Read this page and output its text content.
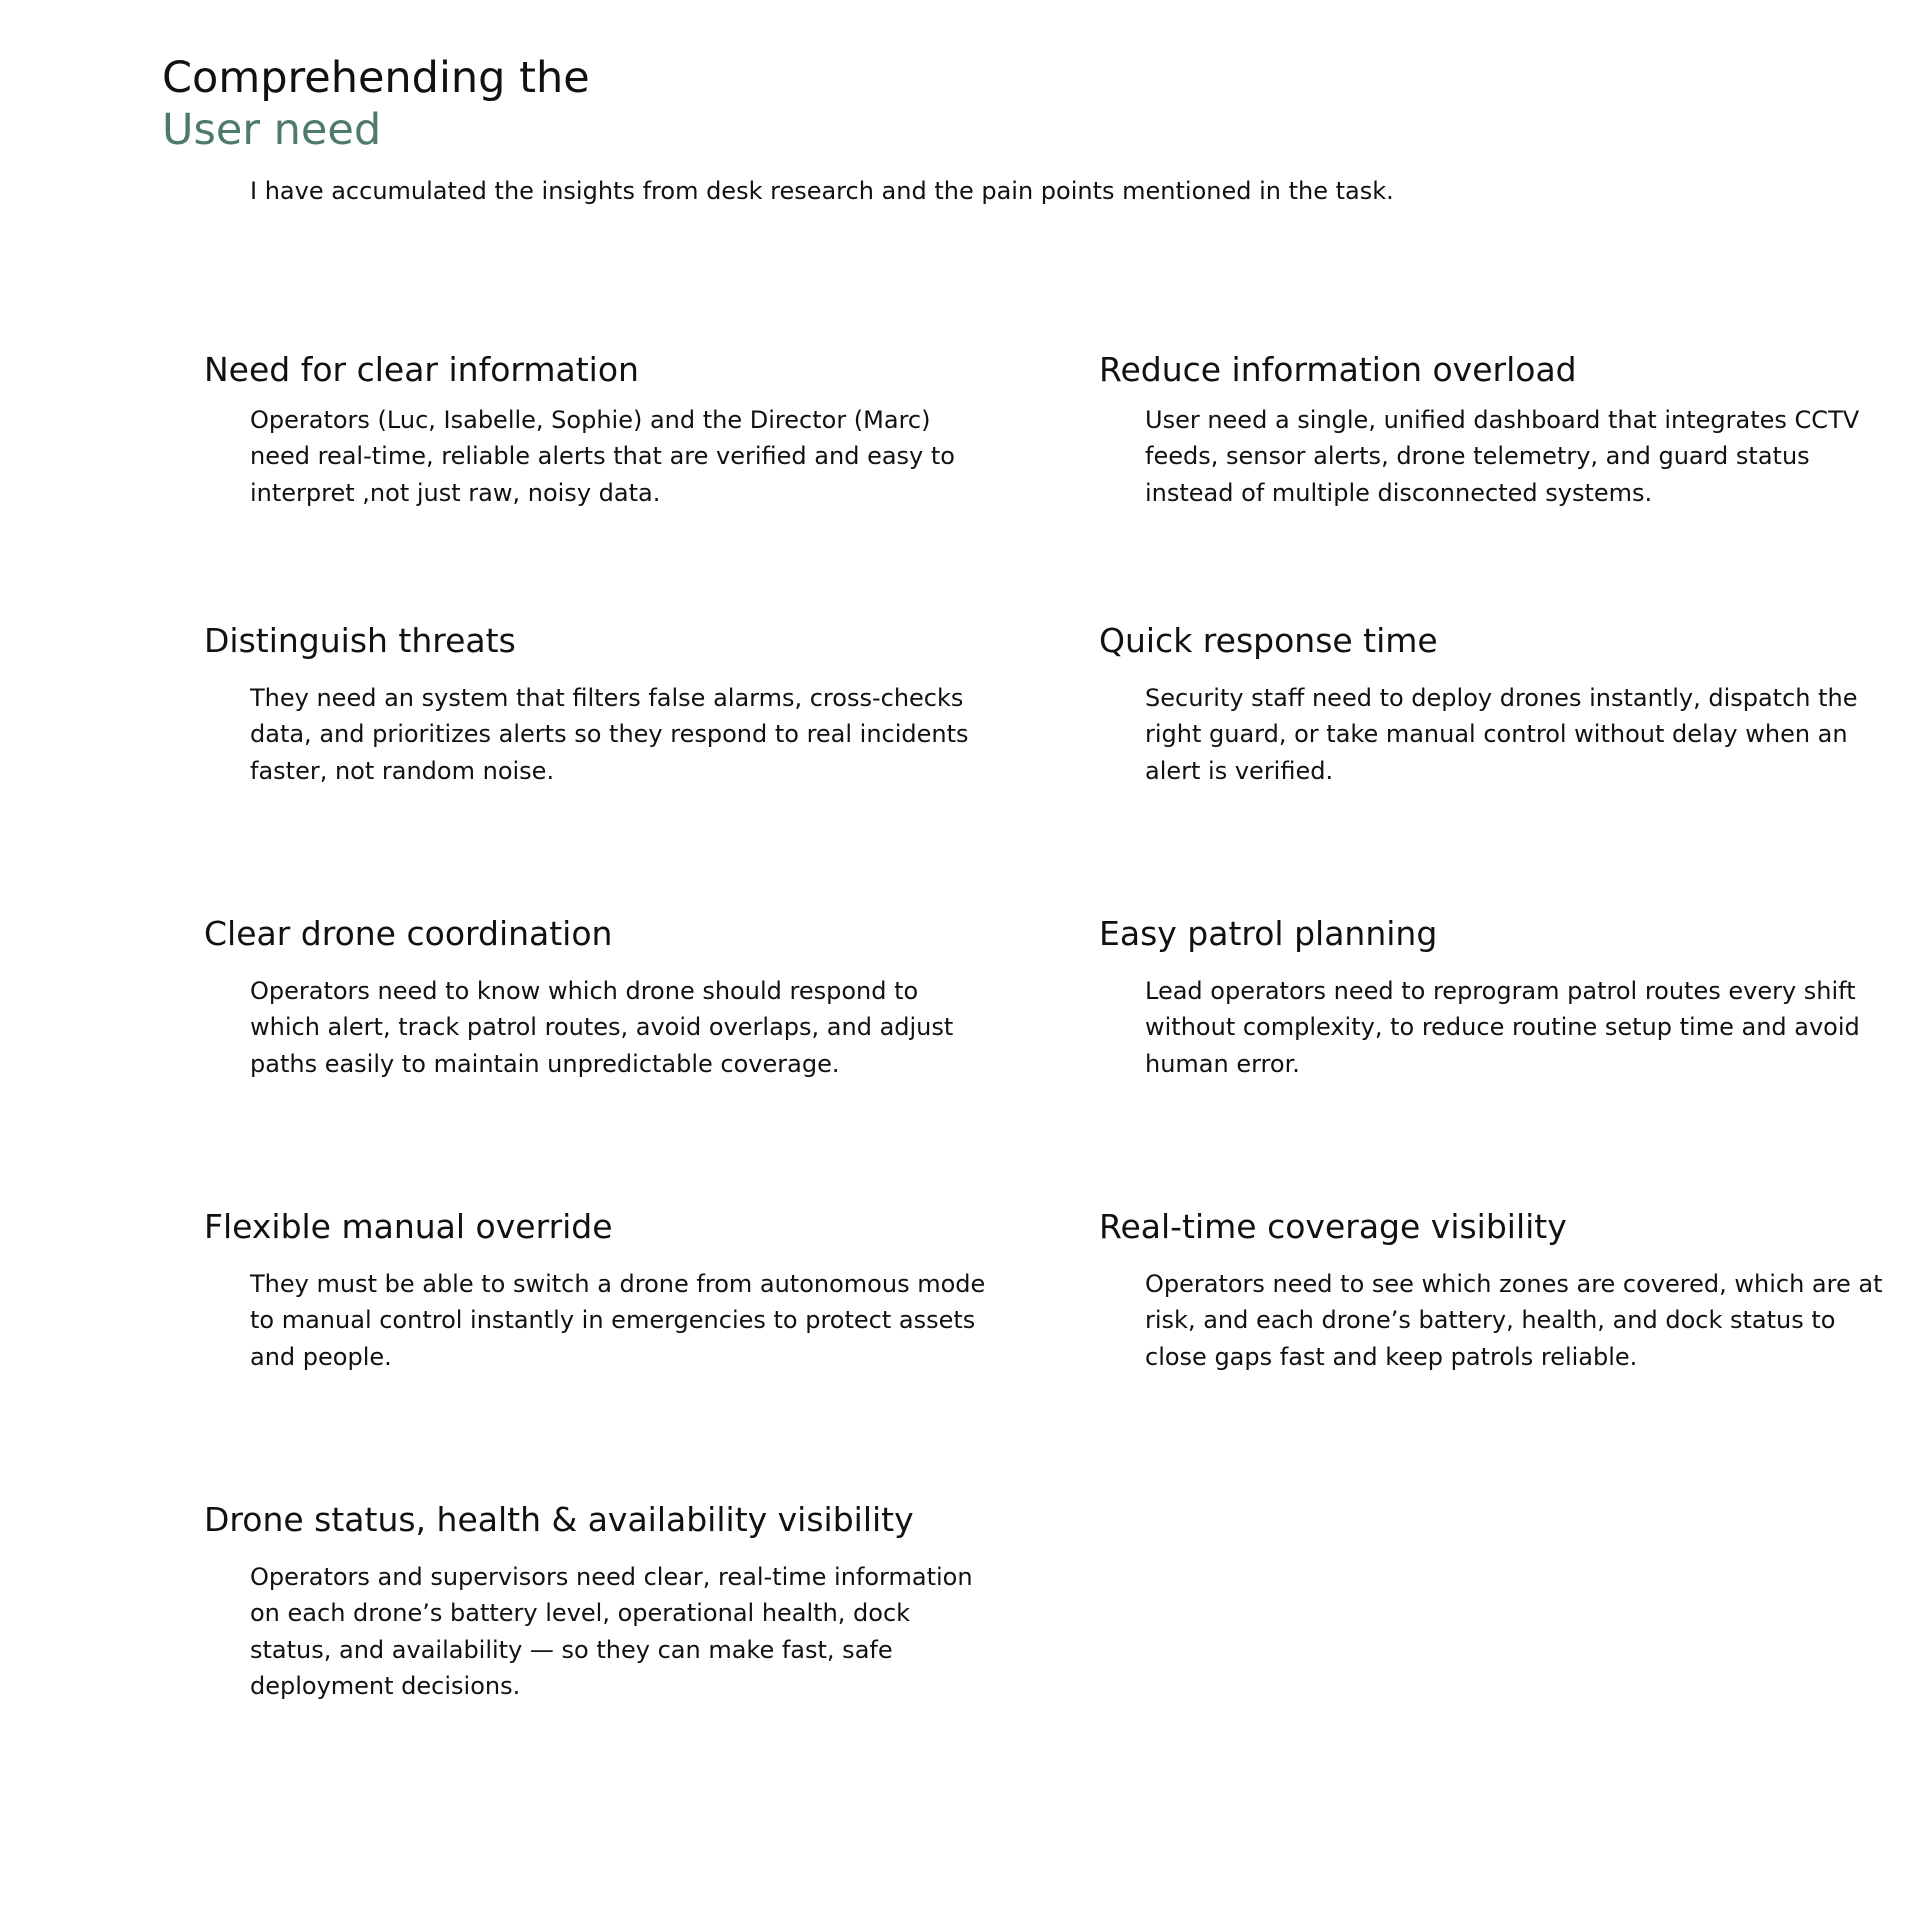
Comprehending the
User need

I have accumulated the insights from desk research and the pain points mentioned in the task.

Need for clear information

Operators (Luc, Isabelle, Sophie) and the Director (Marc) need real-time, reliable alerts that are verified and easy to interpret ,not just raw, noisy data.

Reduce information overload

User need a single, unified dashboard that integrates CCTV feeds, sensor alerts, drone telemetry, and guard status instead of multiple disconnected systems.

Distinguish threats

They need an system that filters false alarms, cross-checks data, and prioritizes alerts so they respond to real incidents faster, not random noise.

Quick response time

Security staff need to deploy drones instantly, dispatch the right guard, or take manual control without delay when an alert is verified.

Clear drone coordination

Operators need to know which drone should respond to which alert, track patrol routes, avoid overlaps, and adjust paths easily to maintain unpredictable coverage.

Easy patrol planning

Lead operators need to reprogram patrol routes every shift without complexity, to reduce routine setup time and avoid human error.

Flexible manual override

They must be able to switch a drone from autonomous mode to manual control instantly in emergencies to protect assets and people.

Real-time coverage visibility

Operators need to see which zones are covered, which are at risk, and each drone’s battery, health, and dock status to close gaps fast and keep patrols reliable.

Drone status, health & availability visibility

Operators and supervisors need clear, real-time information on each drone’s battery level, operational health, dock status, and availability — so they can make fast, safe deployment decisions.
